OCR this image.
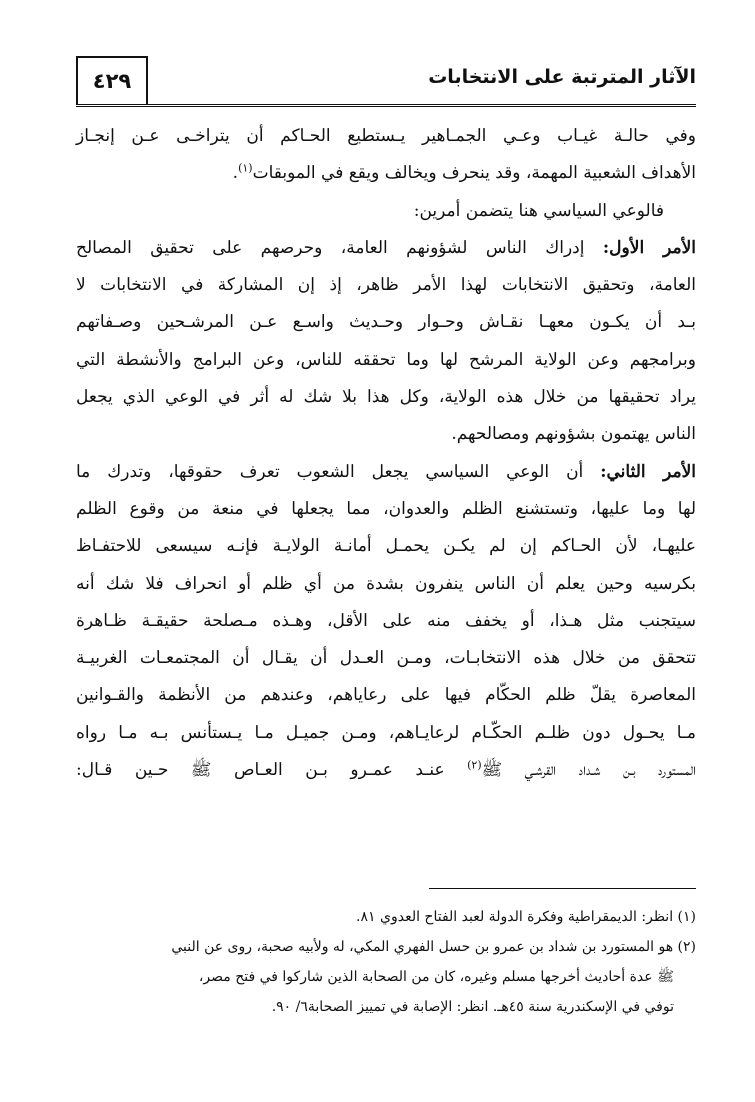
٤٢٩	الآثار المترتبة على الانتخابات
وفي حالـة غيـاب وعـي الجمـاهير يـستطيع الحـاكم أن يتراخـى عـن إنجـاز
الأهداف الشعبية المهمة، وقد ينحرف ويخالف ويقع في الموبقات$^{(١)}$.
فالوعي السياسي هنا يتضمن أمرين:
الأمر الأول: إدراك الناس لشؤونهم العامة، وحرصهم على تحقيق المصالح
العامة، وتحقيق الانتخابات لهذا الأمر ظاهر، إذ إن المشاركة في الانتخابات لا
بـد أن يكـون معهـا نقـاش وحـوار وحـديث واسـع عـن المرشـحين وصـفاتهم
وبرامجهم وعن الولاية المرشح لها وما تحققه للناس، وعن البرامج والأنشطة التي
يراد تحقيقها من خلال هذه الولاية، وكل هذا بلا شك له أثر في الوعي الذي يجعل
الناس يهتمون بشؤونهم ومصالحهم.
الأمر الثاني: أن الوعي السياسي يجعل الشعوب تعرف حقوقها، وتدرك ما
لها وما عليها، وتستشنع الظلم والعدوان، مما يجعلها في منعة من وقوع الظلم
عليهـا، لأن الحـاكم إن لم يكـن يحمـل أمانـة الولايـة فإنـه سيسعى للاحتفـاظ
بكرسيه وحين يعلم أن الناس ينفرون بشدة من أي ظلم أو انحراف فلا شك أنه
سيتجنب مثل هـذا، أو يخفف منه على الأقل، وهـذه مـصلحة حقيقـة ظـاهرة
تتحقق من خلال هذه الانتخابـات، ومـن العـدل أن يقـال أن المجتمعـات الغربيـة
المعاصرة يقلّ ظلم الحكّام فيها على رعاياهم، وعندهم من الأنظمة والقـوانين
مـا يحـول دون ظلـم الحكّـام لرعايـاهم، ومـن جميـل مـا يـستأنس بـه مـا رواه
المستورد بـن شـداد القرشـي ﷺ$^{(٢)}$ عنـد عمـرو بـن العـاص ﷺ حـين قـال:
(١) انظر: الديمقراطية وفكرة الدولة لعبد الفتاح العدوي ٨١.
(٢) هو المستورد بن شداد بن عمرو بن حسل الفهري المكي، له ولأبيه صحبة، روى عن النبي
ﷺ عدة أحاديث أخرجها مسلم وغيره، كان من الصحابة الذين شاركوا في فتح مصر،
توفي في الإسكندرية سنة ٤٥هـ. انظر: الإصابة في تمييز الصحابة٦/ ٩٠.
